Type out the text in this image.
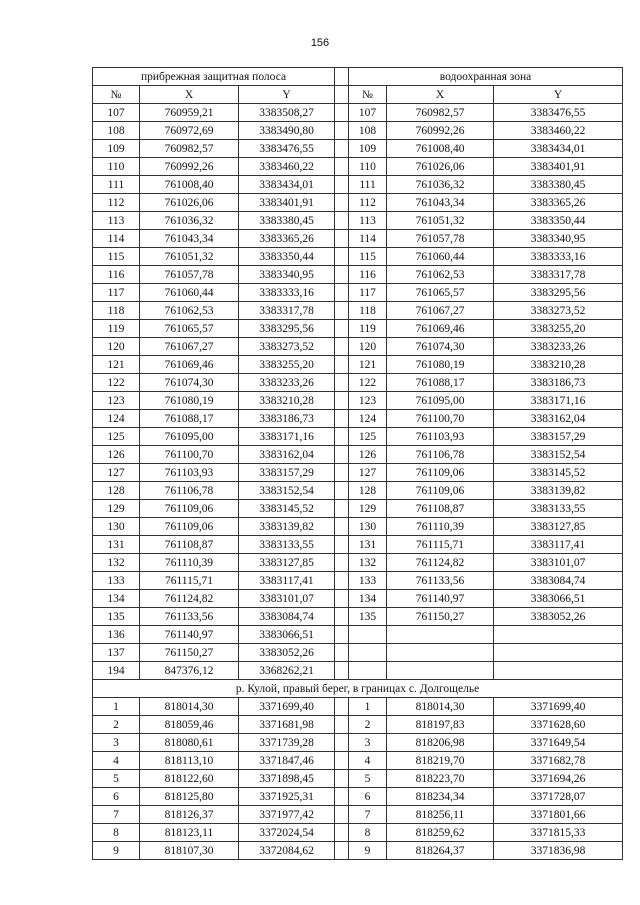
156
прибрежная защитная полоса				водоохранная зона		
№	X	Y		№	X	Y
107	760959,21	3383508,27		107	760982,57	3383476,55
108	760972,69	3383490,80		108	760992,26	3383460,22
109	760982,57	3383476,55		109	761008,40	3383434,01
110	760992,26	3383460,22		110	761026,06	3383401,91
111	761008,40	3383434,01		111	761036,32	3383380,45
112	761026,06	3383401,91		112	761043,34	3383365,26
113	761036,32	3383380,45		113	761051,32	3383350,44
114	761043,34	3383365,26		114	761057,78	3383340,95
115	761051,32	3383350,44		115	761060,44	3383333,16
116	761057,78	3383340,95		116	761062,53	3383317,78
117	761060,44	3383333,16		117	761065,57	3383295,56
118	761062,53	3383317,78		118	761067,27	3383273,52
119	761065,57	3383295,56		119	761069,46	3383255,20
120	761067,27	3383273,52		120	761074,30	3383233,26
121	761069,46	3383255,20		121	761080,19	3383210,28
122	761074,30	3383233,26		122	761088,17	3383186,73
123	761080,19	3383210,28		123	761095,00	3383171,16
124	761088,17	3383186,73		124	761100,70	3383162,04
125	761095,00	3383171,16		125	761103,93	3383157,29
126	761100,70	3383162,04		126	761106,78	3383152,54
127	761103,93	3383157,29		127	761109,06	3383145,52
128	761106,78	3383152,54		128	761109,06	3383139,82
129	761109,06	3383145,52		129	761108,87	3383133,55
130	761109,06	3383139,82		130	761110,39	3383127,85
131	761108,87	3383133,55		131	761115,71	3383117,41
132	761110,39	3383127,85		132	761124,82	3383101,07
133	761115,71	3383117,41		133	761133,56	3383084,74
134	761124,82	3383101,07		134	761140,97	3383066,51
135	761133,56	3383084,74		135	761150,27	3383052,26
136	761140,97	3383066,51				
137	761150,27	3383052,26				
194	847376,12	3368262,21				
р. Кулой, правый берег, в границах с. Долгощелье						
1	818014,30	3371699,40		1	818014,30	3371699,40
2	818059,46	3371681,98		2	818197,83	3371628,60
3	818080,61	3371739,28		3	818206,98	3371649,54
4	818113,10	3371847,46		4	818219,70	3371682,78
5	818122,60	3371898,45		5	818223,70	3371694,26
6	818125,80	3371925,31		6	818234,34	3371728,07
7	818126,37	3371977,42		7	818256,11	3371801,66
8	818123,11	3372024,54		8	818259,62	3371815,33
9	818107,30	3372084,62		9	818264,37	3371836,98
